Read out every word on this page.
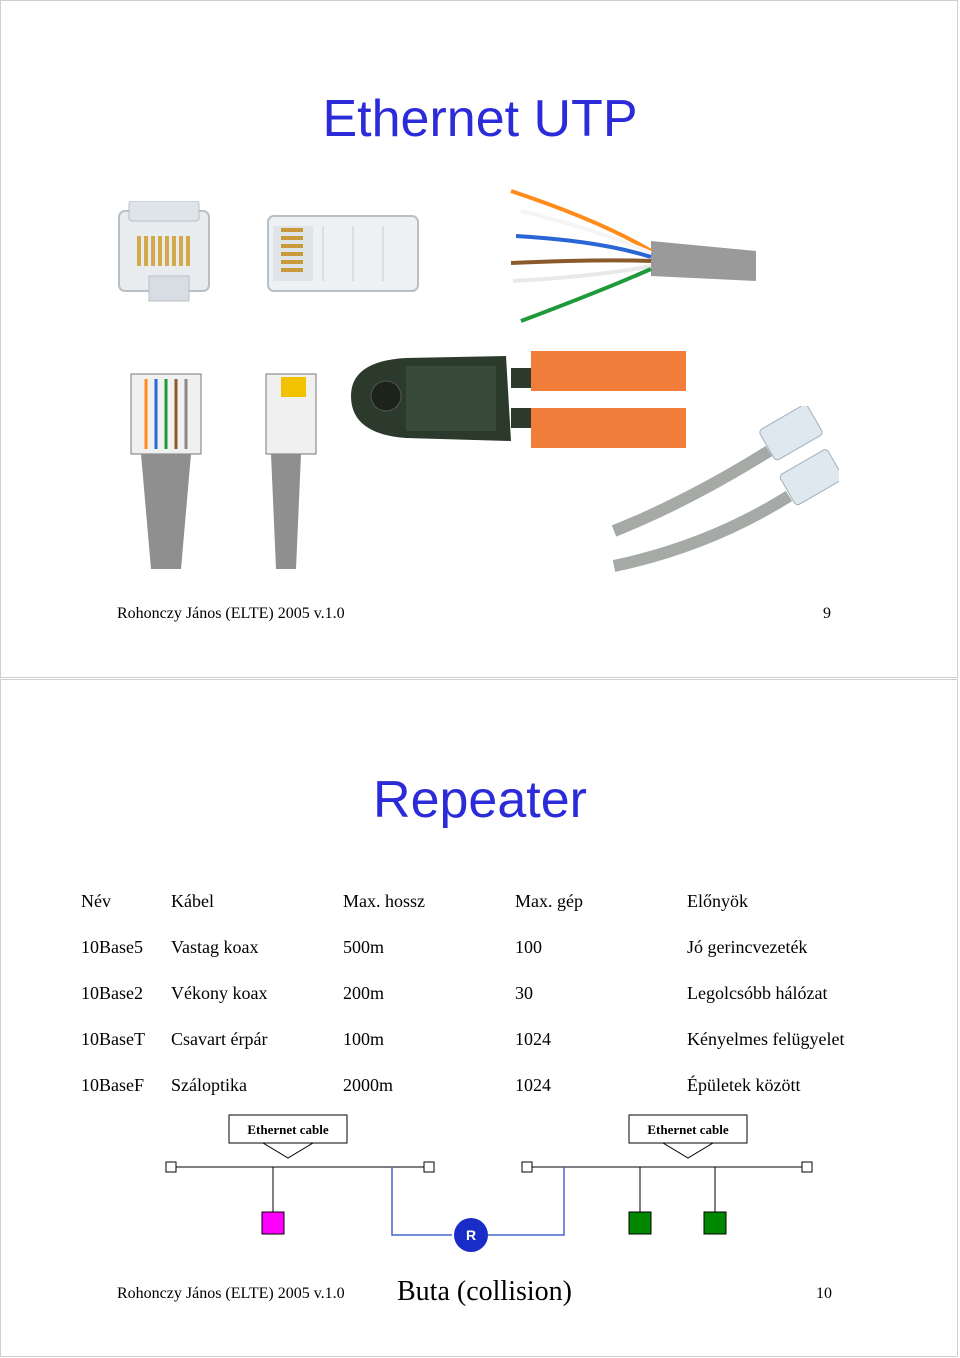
Ethernet UTP
Rohonczy János (ELTE) 2005 v.1.0	9
Repeater
Név	Kábel	Max. hossz	Max. gép	Előnyök
10Base5	Vastag koax	500m	100	Jó gerincvezeték
10Base2	Vékony koax	200m	30	Legolcsóbb hálózat
10BaseT	Csavart érpár	100m	1024	Kényelmes felügyelet
10BaseF	Száloptika	2000m	1024	Épületek között
Ethernet cable	Ethernet cable
R
Rohonczy János (ELTE) 2005 v.1.0 Buta (collision)	10
